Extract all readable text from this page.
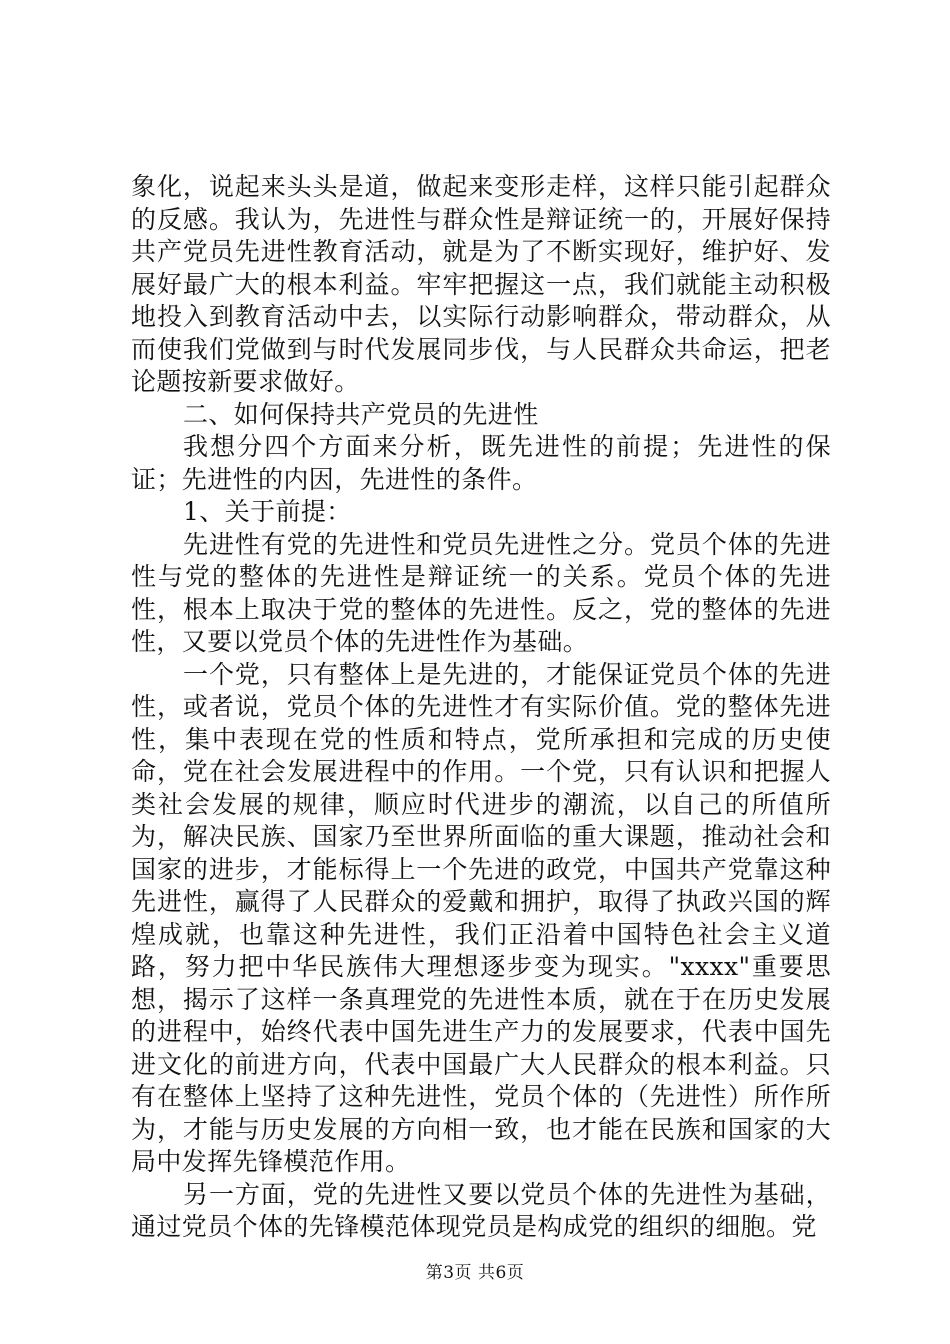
象化，说起来头头是道，做起来变形走样，这样只能引起群众的反感。我认为，先进性与群众性是辩证统一的，开展好保持共产党员先进性教育活动，就是为了不断实现好，维护好、发展好最广大的根本利益。牢牢把握这一点，我们就能主动积极地投入到教育活动中去，以实际行动影响群众，带动群众，从而使我们党做到与时代发展同步伐，与人民群众共命运，把老论题按新要求做好。

二、如何保持共产党员的先进性

我想分四个方面来分析，既先进性的前提；先进性的保证；先进性的内因，先进性的条件。

1、关于前提：

先进性有党的先进性和党员先进性之分。党员个体的先进性与党的整体的先进性是辩证统一的关系。党员个体的先进性，根本上取决于党的整体的先进性。反之，党的整体的先进性，又要以党员个体的先进性作为基础。

一个党，只有整体上是先进的，才能保证党员个体的先进性，或者说，党员个体的先进性才有实际价值。党的整体先进性，集中表现在党的性质和特点，党所承担和完成的历史使命，党在社会发展进程中的作用。一个党，只有认识和把握人类社会发展的规律，顺应时代进步的潮流，以自己的所值所为，解决民族、国家乃至世界所面临的重大课题，推动社会和国家的进步，才能标得上一个先进的政党，中国共产党靠这种先进性，赢得了人民群众的爱戴和拥护，取得了执政兴国的辉煌成就，也靠这种先进性，我们正沿着中国特色社会主义道路，努力把中华民族伟大理想逐步变为现实。"xxxx"重要思想，揭示了这样一条真理党的先进性本质，就在于在历史发展的进程中，始终代表中国先进生产力的发展要求，代表中国先进文化的前进方向，代表中国最广大人民群众的根本利益。只有在整体上坚持了这种先进性，党员个体的（先进性）所作所为，才能与历史发展的方向相一致，也才能在民族和国家的大局中发挥先锋模范作用。

另一方面，党的先进性又要以党员个体的先进性为基础，通过党员个体的先锋模范体现党员是构成党的组织的细胞。党

第3页 共6页
